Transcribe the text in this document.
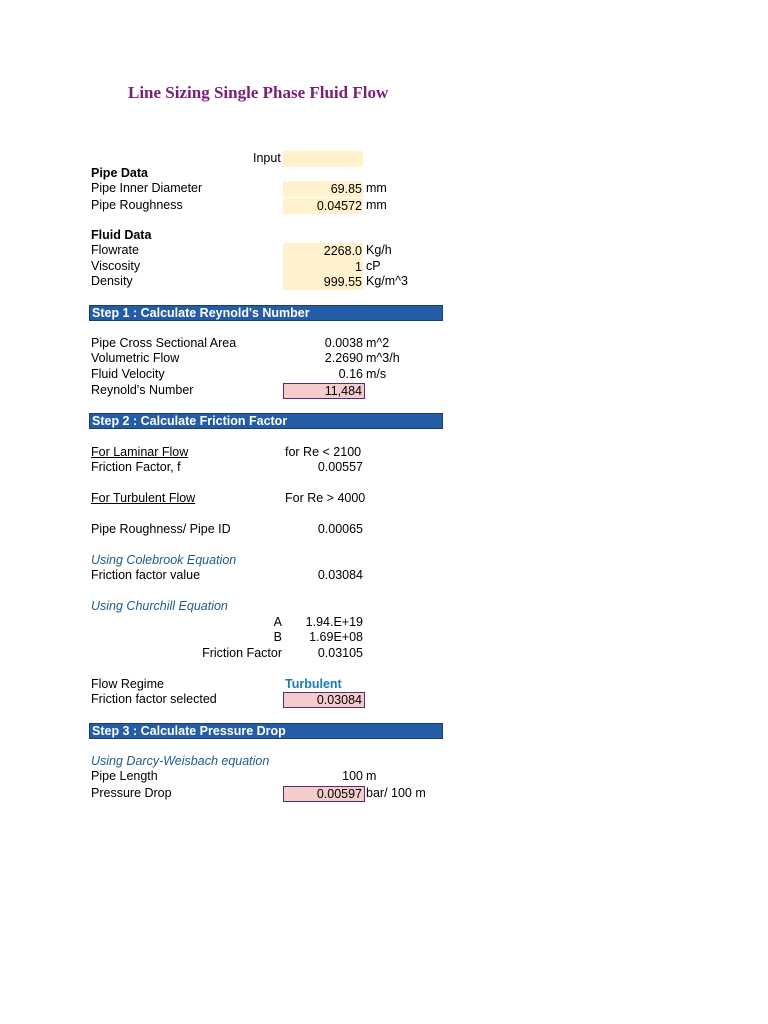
Line Sizing Single Phase Fluid Flow
Input
Pipe Data
Pipe Inner Diameter	69.85 mm
Pipe Roughness	0.04572 mm
Fluid Data
Flowrate	2268.0 Kg/h
Viscosity	1 cP
Density	999.55 Kg/m^3
Step 1 : Calculate Reynold's Number
Pipe Cross Sectional Area	0.0038 m^2
Volumetric Flow	2.2690 m^3/h
Fluid Velocity	0.16 m/s
Reynold's Number	11,484
Step 2 : Calculate Friction Factor
For Laminar Flow	for Re < 2100
Friction Factor, f	0.00557
For Turbulent Flow	For Re > 4000
Pipe Roughness/ Pipe ID	0.00065
Using Colebrook Equation
Friction factor value	0.03084
Using Churchill Equation
A	1.94.E+19
B	1.69E+08
Friction Factor	0.03105
Flow Regime	Turbulent
Friction factor selected	0.03084
Step 3 : Calculate Pressure Drop
Using Darcy-Weisbach equation
Pipe Length	100 m
Pressure Drop	0.00597 bar/ 100 m
